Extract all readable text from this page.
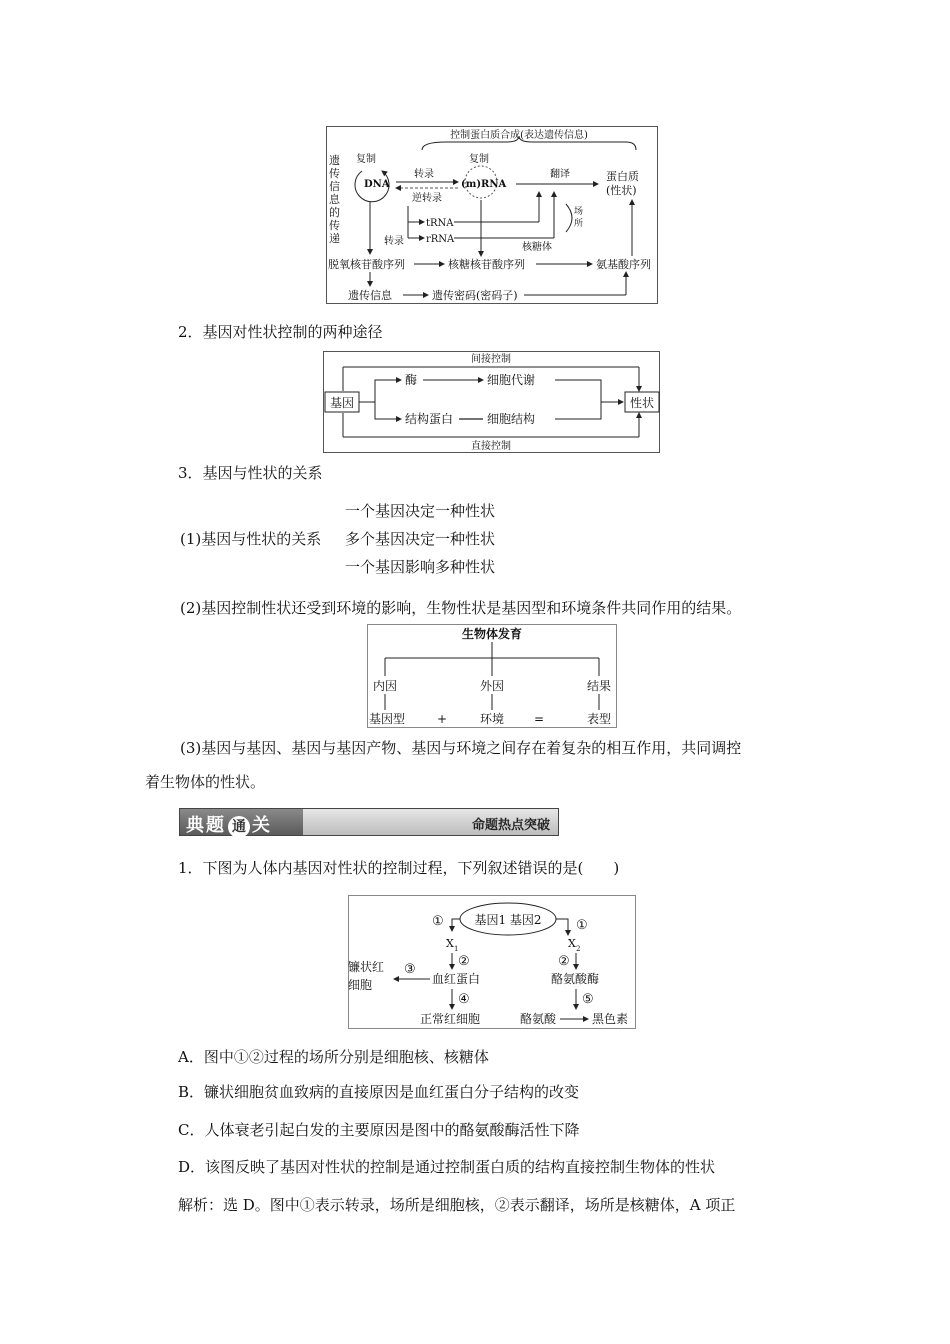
控制蛋白质合成(表达遗传信息)
遗
传
信
息
的
传
递
复制
DNA
复制
(m)RNA
转录
逆转录
翻译	蛋白质
(性状)
转录
tRNA
rRNA
核糖体
场
所
脱氧核苷酸序列	核糖核苷酸序列	氨基酸序列
遗传信息	遗传密码(密码子)
2．基因对性状控制的两种途径
间接控制
直接控制
基因
酶	细胞代谢
结构蛋白	细胞结构
性状
3．基因与性状的关系
(1)基因与性状的关系
一个基因决定一种性状
多个基因决定一种性状
一个基因影响多种性状
(2)基因控制性状还受到环境的影响，生物性状是基因型和环境条件共同作用的结果。
生物体发育
内因	外因	结果
基因型	+	环境 =	表型
(3)基因与基因、基因与基因产物、基因与环境之间存在着复杂的相互作用，共同调控
着生物体的性状。
典题 通 关	命题热点突破
1．下图为人体内基因对性状的控制过程，下列叙述错误的是(　　)
基因1 基因2
①	①
X 1	X 2
②	②
血红蛋白	酪氨酸酶
③
镰状红
细胞
④	⑤
正常红细胞	酪氨酸	黑色素
A．图中①②过程的场所分别是细胞核、核糖体
B．镰状细胞贫血致病的直接原因是血红蛋白分子结构的改变
C．人体衰老引起白发的主要原因是图中的酪氨酸酶活性下降
D．该图反映了基因对性状的控制是通过控制蛋白质的结构直接控制生物体的性状
解析：选 D。图中①表示转录，场所是细胞核，②表示翻译，场所是核糖体，A 项正
